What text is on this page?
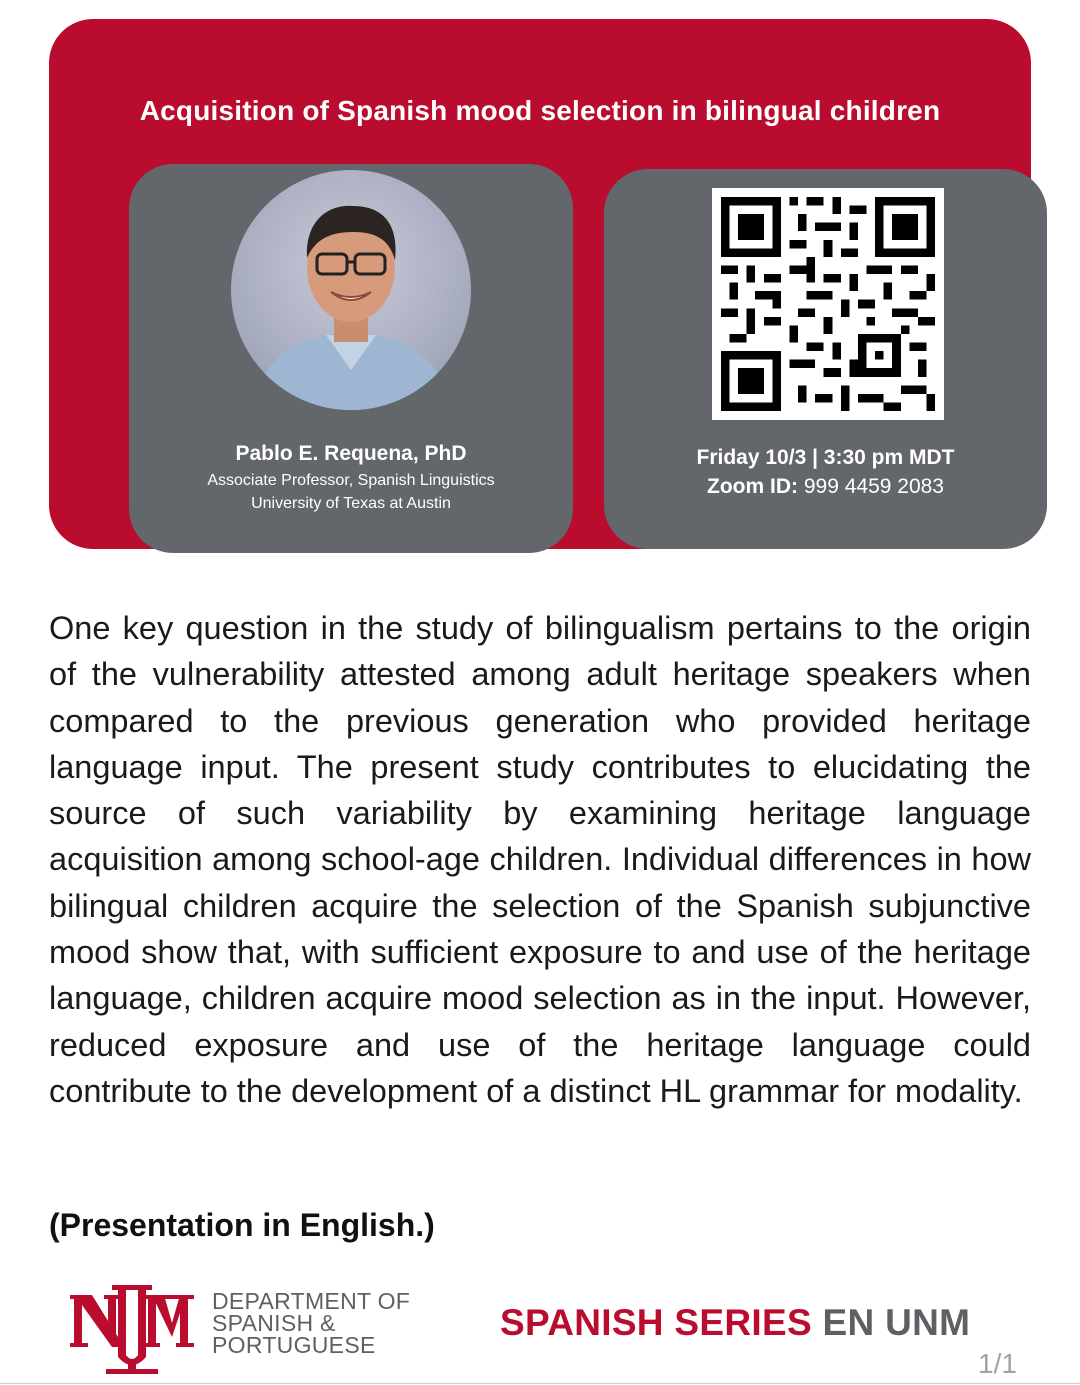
Acquisition of Spanish mood selection in bilingual children
Pablo E. Requena, PhD
Associate Professor, Spanish Linguistics
University of Texas at Austin
Friday 10/3 | 3:30 pm MDT
Zoom ID: 999 4459 2083
One key question in the study of bilingualism pertains to the origin of the vulnerability attested among adult heritage speakers when compared to the previous generation who provided heritage language input. The present study contributes to elucidating the source of such variability by examining heritage language acquisition among school-age children. Individual differences in how bilingual children acquire the selection of the Spanish subjunctive mood show that, with sufficient exposure to and use of the heritage language, children acquire mood selection as in the input. However, reduced exposure and use of the heritage language could contribute to the development of a distinct HL grammar for modality.
(Presentation in English.)
DEPARTMENT OF
SPANISH &
PORTUGUESE
SPANISH SERIES EN UNM
1/1
